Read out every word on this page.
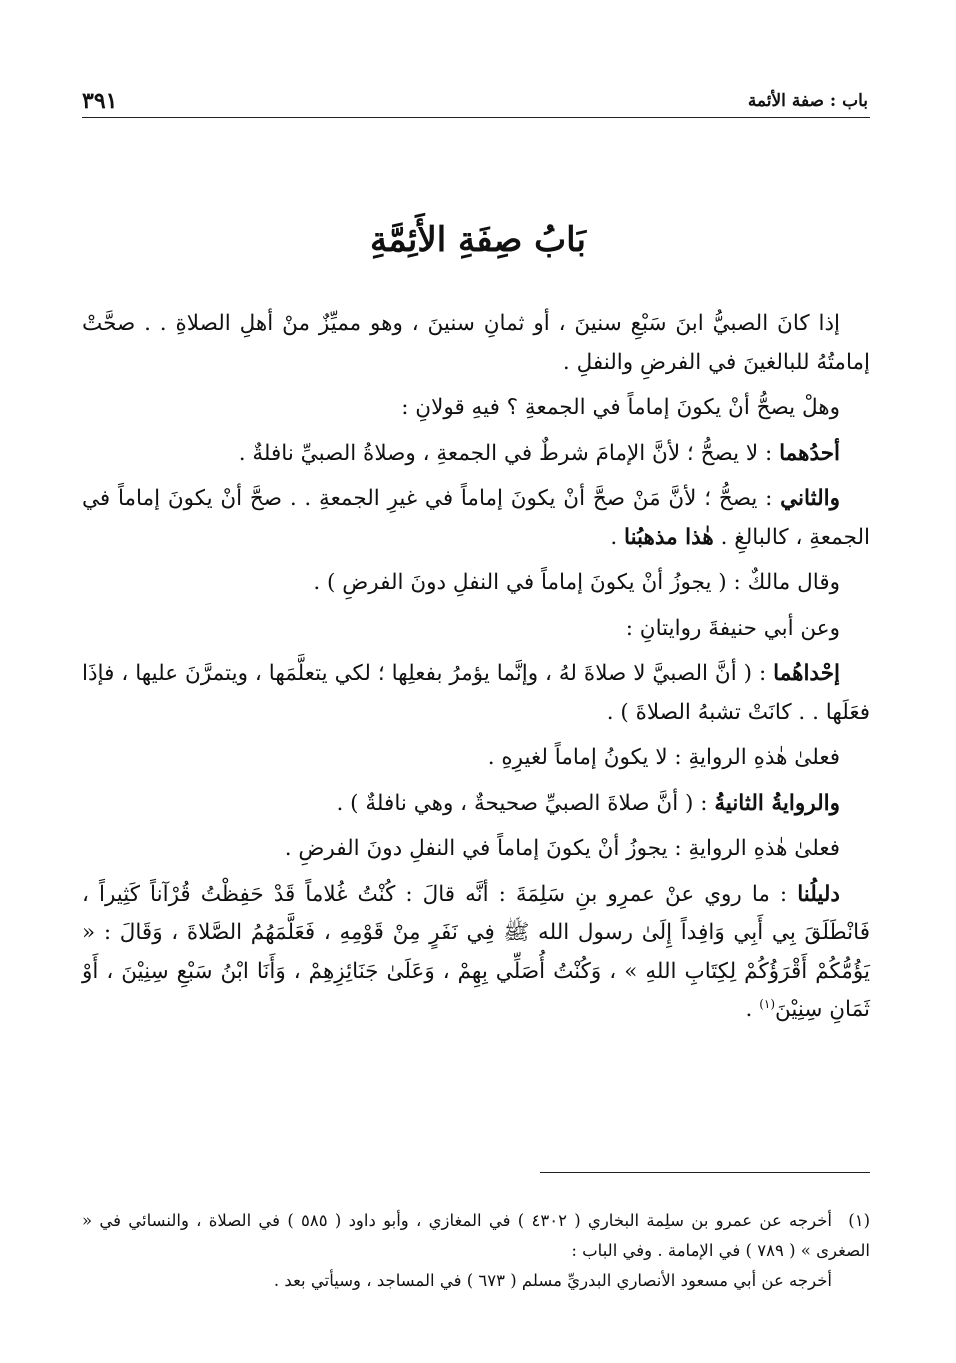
باب : صفة الأئمة
٣٩١
بَابُ صِفَةِ الأَئِمَّةِ

إذا كانَ الصبيُّ ابنَ سَبْعِ سنينَ ، أو ثمانِ سنينَ ، وهو مميِّزٌ منْ أهلِ الصلاةِ . . صحَّتْ إمامتُهُ للبالغينَ في الفرضِ والنفلِ .

وهلْ يصحُّ أنْ يكونَ إماماً في الجمعةِ ؟ فيهِ قولانِ :

أحدُهما : لا يصحُّ ؛ لأنَّ الإمامَ شرطٌ في الجمعةِ ، وصلاةُ الصبيِّ نافلةٌ .

والثاني : يصحُّ ؛ لأنَّ مَنْ صحَّ أنْ يكونَ إماماً في غيرِ الجمعةِ . . صحَّ أنْ يكونَ إماماً في الجمعةِ ، كالبالغِ . هٰذا مذهبُنا .

وقال مالكٌ : ( يجوزُ أنْ يكونَ إماماً في النفلِ دونَ الفرضِ ) .

وعن أبي حنيفةَ روايتانِ :

إحْداهُما : ( أنَّ الصبيَّ لا صلاةَ لهُ ، وإنَّما يؤمرُ بفعلِها ؛ لكي يتعلَّمَها ، ويتمرَّنَ عليها ، فإذَا فعَلَها . . كانَتْ تشبهُ الصلاةَ ) .

فعلىٰ هٰذهِ الروايةِ : لا يكونُ إماماً لغيرِهِ .

والروايةُ الثانيةُ : ( أنَّ صلاةَ الصبيِّ صحيحةٌ ، وهي نافلةٌ ) .

فعلىٰ هٰذهِ الروايةِ : يجوزُ أنْ يكونَ إماماً في النفلِ دونَ الفرضِ .

دليلُنا : ما روي عنْ عمرِو بنِ سَلِمَةَ : أنَّه قالَ : كُنْتُ غُلاماً قَدْ حَفِظْتُ قُرْآناً كَثِيراً ، فَانْطَلَقَ بِي أَبِي وَافِداً إِلَىٰ رسول الله ﷺ فِي نَفَرٍ مِنْ قَوْمِهِ ، فَعَلَّمَهُمُ الصَّلاةَ ، وَقَالَ : « يَؤُمُّكُمْ أَقْرَؤُكُمْ لِكِتَابِ اللهِ » ، وَكُنْتُ أُصَلِّي بِهِمْ ، وَعَلَىٰ جَنَائِزِهِمْ ، وَأَنَا ابْنُ سَبْعِ سِنِيْنَ ، أَوْ ثَمَانِ سِنِيْنَ$^{(١)}$ .

(١)أخرجه عن عمرو بن سلِمة البخاري ( ٤٣٠٢ ) في المغازي ، وأبو داود ( ٥٨٥ ) في الصلاة ، والنسائي في « الصغرى » ( ٧٨٩ ) في الإمامة . وفي الباب :

أخرجه عن أبي مسعود الأنصاري البدريِّ مسلم ( ٦٧٣ ) في المساجد ، وسيأتي بعد .
